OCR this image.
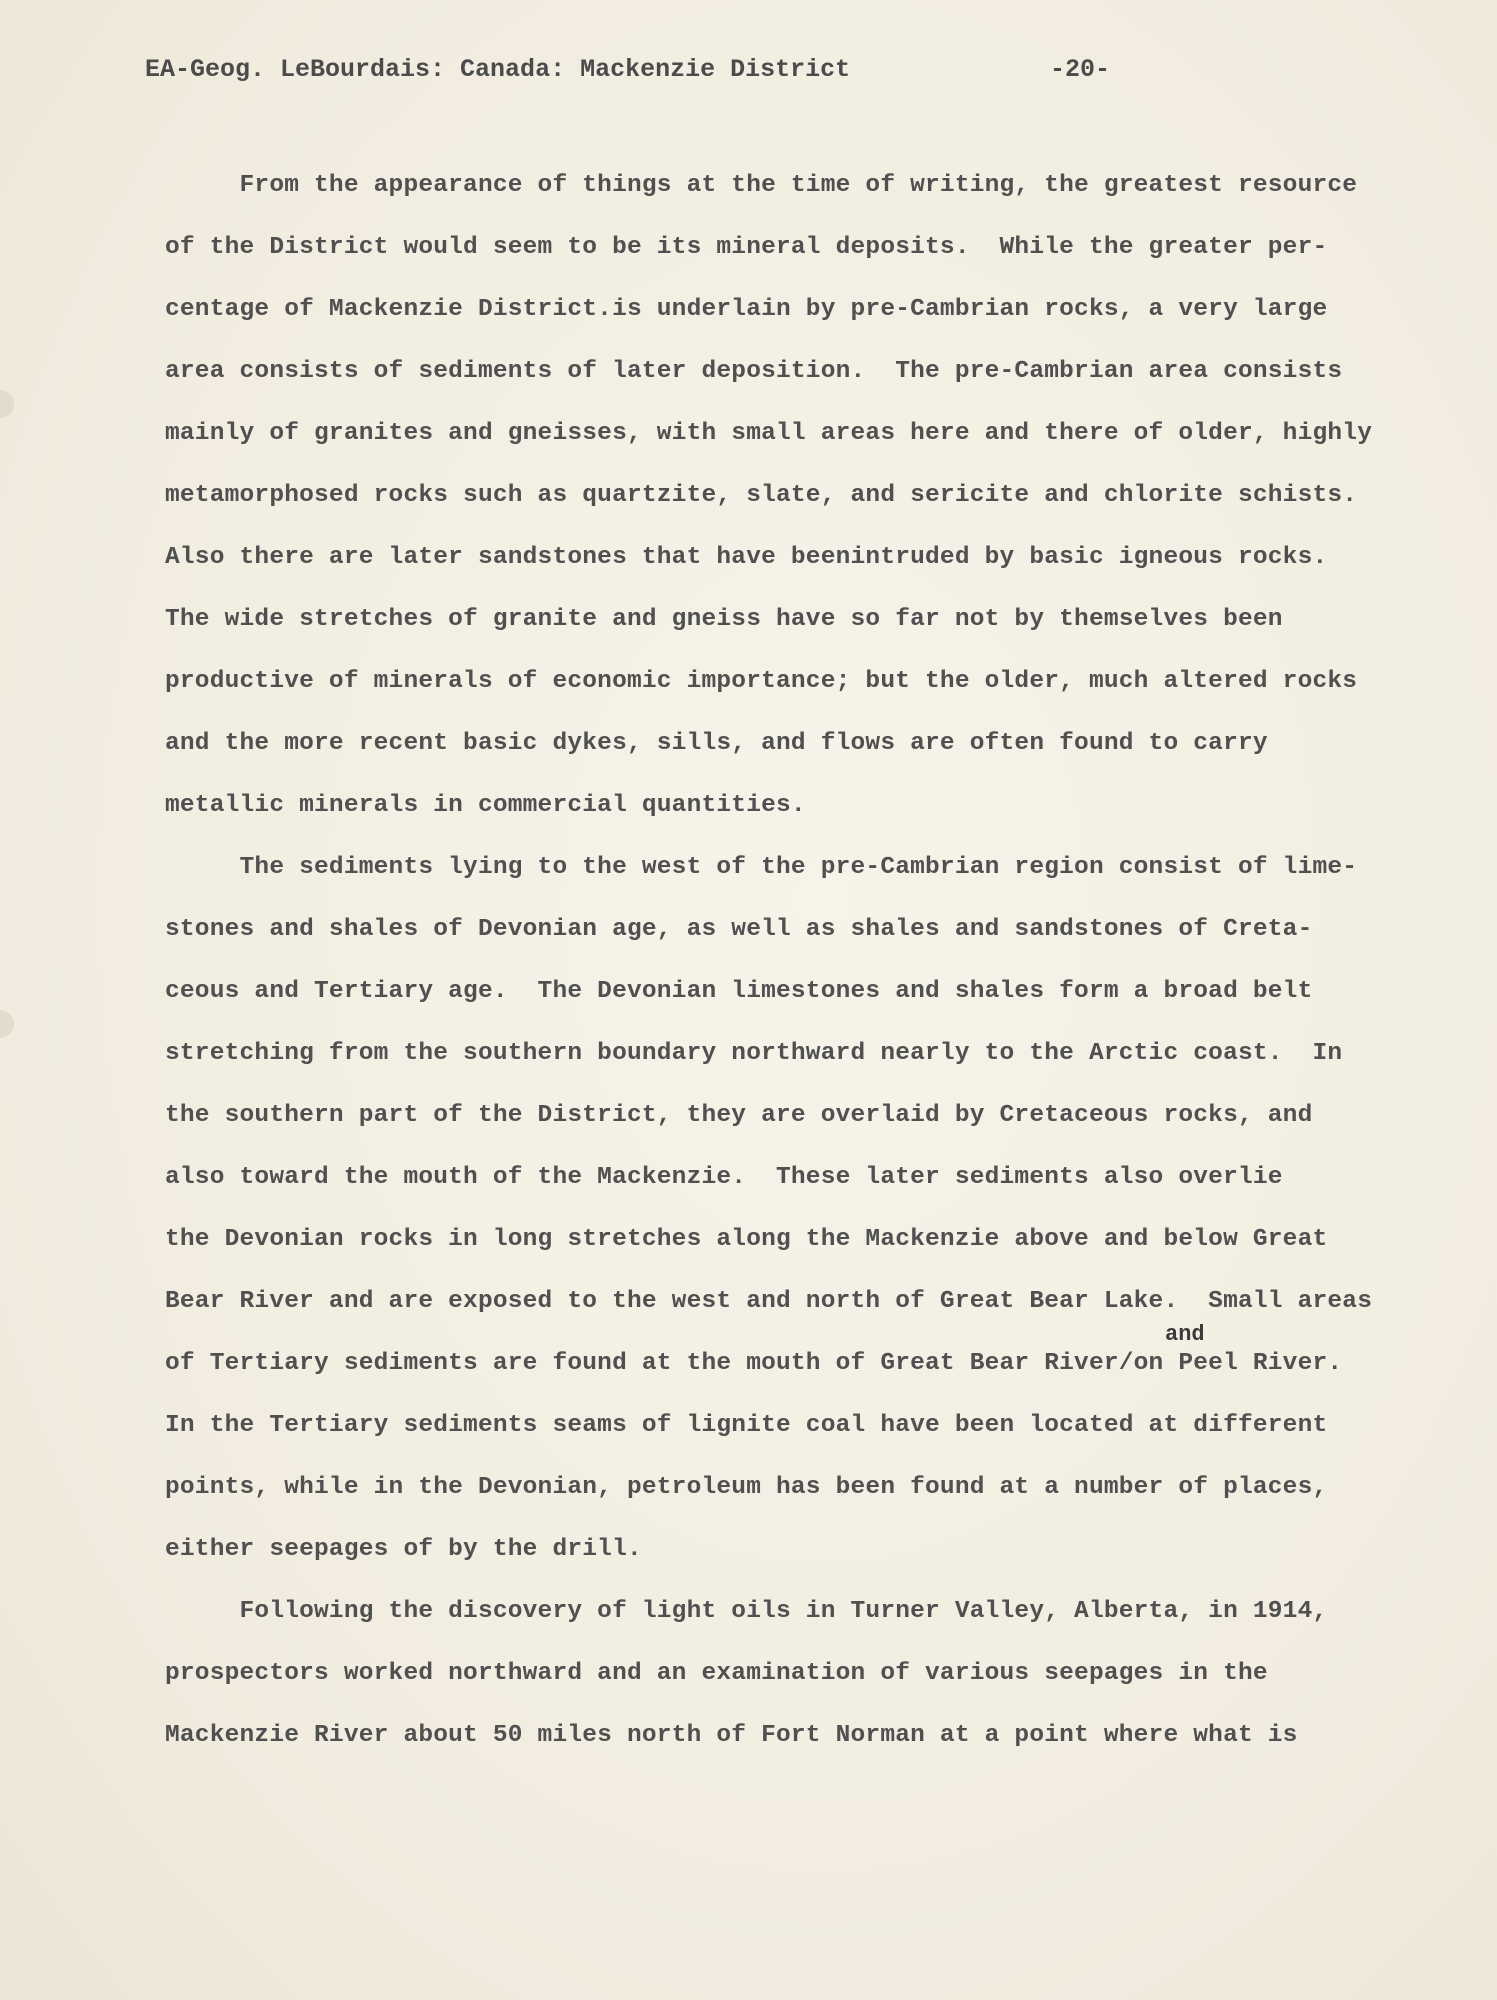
EA-Geog. LeBourdais: Canada: Mackenzie District	-20-
From the appearance of things at the time of writing, the greatest resource
of the District would seem to be its mineral deposits.  While the greater per-
centage of Mackenzie District.is underlain by pre-Cambrian rocks, a very large
area consists of sediments of later deposition.  The pre-Cambrian area consists
mainly of granites and gneisses, with small areas here and there of older, highly
metamorphosed rocks such as quartzite, slate, and sericite and chlorite schists.
Also there are later sandstones that have beenintruded by basic igneous rocks.
The wide stretches of granite and gneiss have so far not by themselves been
productive of minerals of economic importance; but the older, much altered rocks
and the more recent basic dykes, sills, and flows are often found to carry
metallic minerals in commercial quantities.
The sediments lying to the west of the pre-Cambrian region consist of lime-
stones and shales of Devonian age, as well as shales and sandstones of Creta-
ceous and Tertiary age.  The Devonian limestones and shales form a broad belt
stretching from the southern boundary northward nearly to the Arctic coast.  In
the southern part of the District, they are overlaid by Cretaceous rocks, and
also toward the mouth of the Mackenzie.  These later sediments also overlie
the Devonian rocks in long stretches along the Mackenzie above and below Great
Bear River and are exposed to the west and north of Great Bear Lake.  Small areas
and
of Tertiary sediments are found at the mouth of Great Bear River/on Peel River.
In the Tertiary sediments seams of lignite coal have been located at different
points, while in the Devonian, petroleum has been found at a number of places,
either seepages of by the drill.
Following the discovery of light oils in Turner Valley, Alberta, in 1914,
prospectors worked northward and an examination of various seepages in the
Mackenzie River about 50 miles north of Fort Norman at a point where what is
